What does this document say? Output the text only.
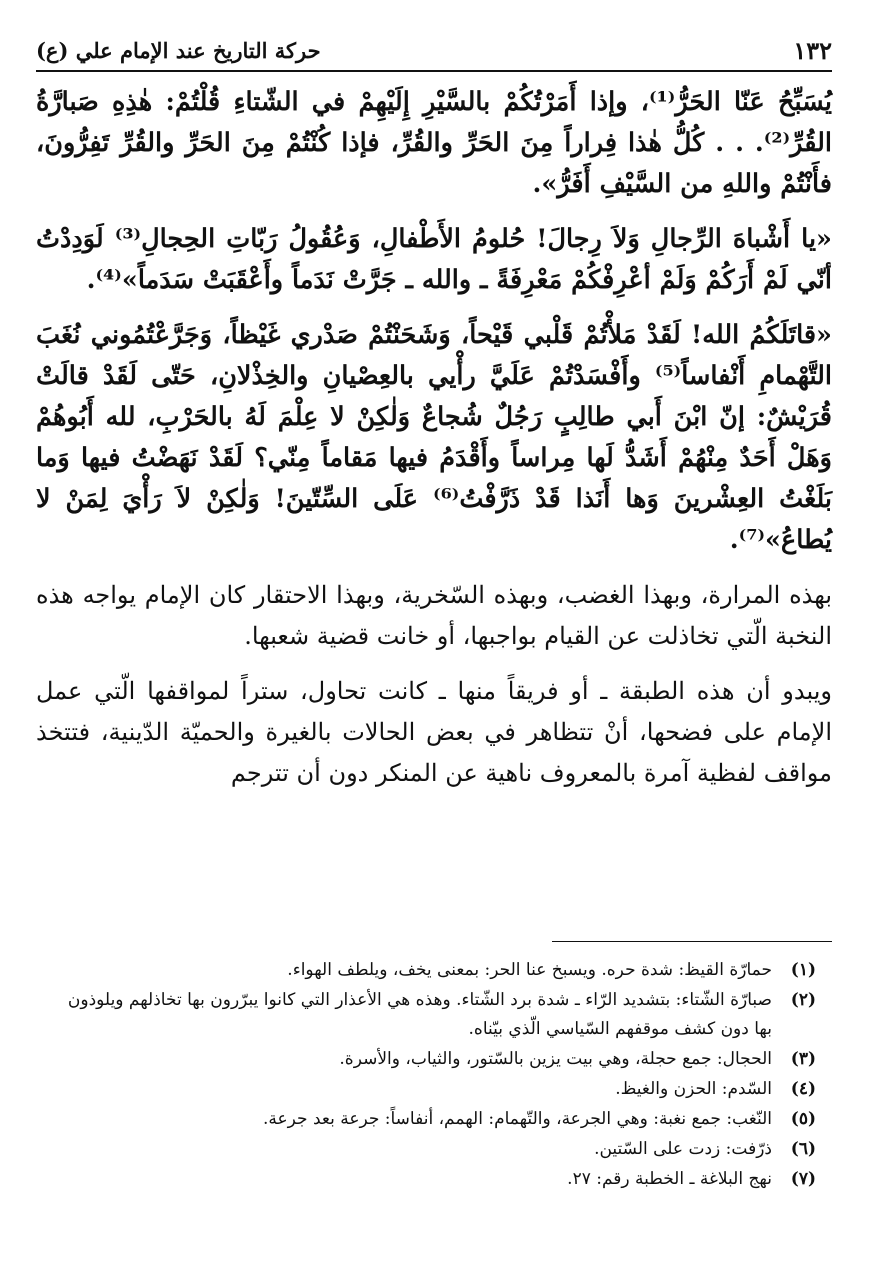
١٣٢
حركة التاريخ عند الإمام علي (ع)

يُسَبِّحُ عَنّا الحَرُّ⁽¹⁾، وإذا أَمَرْتُكُمْ بالسَّيْرِ إِلَيْهِمْ في الشّتاءِ قُلْتُمْ: هٰذِهِ صَبارَّةُ القُرِّ⁽²⁾. . . كُلُّ هٰذا فِراراً مِنَ الحَرِّ والقُرِّ، فإذا كُنْتُمْ مِنَ الحَرِّ والقُرِّ تَفِرُّونَ، فأَنْتُمْ واللهِ من السَّيْفِ أَفَرُّ».

«يا أَشْباهَ الرِّجالِ وَلاَ رِجالَ! حُلومُ الأَطْفالِ، وَعُقُولُ رَبّاتِ الحِجالِ⁽³⁾ لَوَدِدْتُ أنّي لَمْ أَرَكُمْ وَلَمْ أعْرِفْكُمْ مَعْرِفَةً ـ والله ـ جَرَّتْ نَدَماً وأَعْقَبَتْ سَدَماً»⁽⁴⁾.

«قاتَلَكُمُ الله! لَقَدْ مَلأْتُمْ قَلْبي قَيْحاً، وَشَحَنْتُمْ صَدْري غَيْظاً، وَجَرَّعْتُمُوني نُغَبَ التَّهْمامِ أَنْفاساً⁽⁵⁾ وأَفْسَدْتُمْ عَلَيَّ رأْيي بالعِصْيانِ والخِذْلانِ، حَتّى لَقَدْ قالَتْ قُرَيْشٌ: إنّ ابْنَ أَبي طالِبٍ رَجُلٌ شُجاعٌ وَلٰكِنْ لا عِلْمَ لَهُ بالحَرْبِ، لله أَبُوهُمْ وَهَلْ أَحَدٌ مِنْهُمْ أَشَدُّ لَها مِراساً وأَقْدَمُ فيها مَقاماً مِنّي؟ لَقَدْ نَهَضْتُ فيها وَما بَلَغْتُ العِشْرينَ وَها أَنَذا قَدْ ذَرَّفْتُ⁽⁶⁾ عَلَى السِّتّينَ! وَلٰكِنْ لاَ رَأْيَ لِمَنْ لا يُطاعُ»⁽⁷⁾.

بهذه المرارة، وبهذا الغضب، وبهذه السّخرية، وبهذا الاحتقار كان الإمام يواجه هذه النخبة الّتي تخاذلت عن القيام بواجبها، أو خانت قضية شعبها.

ويبدو أن هذه الطبقة ـ أو فريقاً منها ـ كانت تحاول، ستراً لمواقفها الّتي عمل الإمام على فضحها، أنْ تتظاهر في بعض الحالات بالغيرة والحميّة الدّينية، فتتخذ مواقف لفظية آمرة بالمعروف ناهية عن المنكر دون أن تترجم

(١)
حمارّة القيظ: شدة حره. ويسبخ عنا الحر: بمعنى يخف، ويلطف الهواء.
(٢)
صبارّة الشّتاء: بتشديد الرّاء ـ شدة برد الشّتاء. وهذه هي الأعذار التي كانوا يبرّرون بها تخاذلهم ويلوذون بها دون كشف موقفهم السّياسي الّذي بيّناه.
(٣)
الحجال: جمع حجلة، وهي بيت يزين بالسّتور، والثياب، والأسرة.
(٤)
السّدم: الحزن والغيظ.
(٥)
النّغب: جمع نغبة: وهي الجرعة، والتّهمام: الهمم، أنفاساً: جرعة بعد جرعة.
(٦)
ذرّفت: زدت على السّتين.
(٧)
نهج البلاغة ـ الخطبة رقم: ٢٧.
